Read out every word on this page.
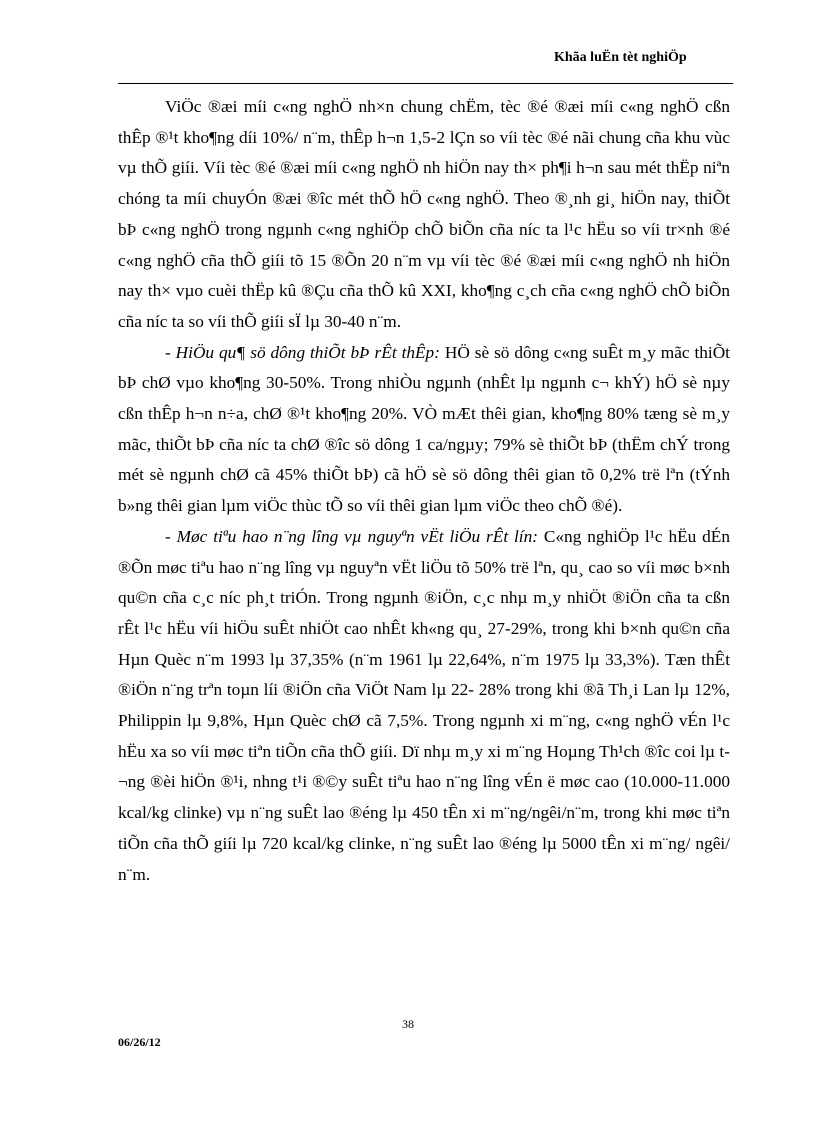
Khãa luËn tèt nghiÖp

ViÖc ®æi míi c«ng nghÖ nh×n chung chËm, tèc ®é ®æi míi c«ng nghÖ cßn thÊp ®¹t kho¶ng díi 10%/ n¨m, thÊp h¬n 1,5-2 lÇn so víi tèc ®é nãi chung cña khu vùc vµ thÕ giíi. Víi tèc ®é ®æi míi c«ng nghÖ nh hiÖn nay th× ph¶i h¬n sau mét thËp niªn chóng ta míi chuyÓn ®æi ®îc mét thÕ hÖ c«ng nghÖ. Theo ®¸nh gi¸ hiÖn nay, thiÕt bÞ c«ng nghÖ trong ngµnh c«ng nghiÖp chÕ biÕn cña níc ta l¹c hËu so víi tr×nh ®é c«ng nghÖ cña thÕ giíi tõ 15 ®Õn 20 n¨m vµ víi tèc ®é ®æi míi c«ng nghÖ nh hiÖn nay th× vµo cuèi thËp kû ®Çu cña thÕ kû XXI, kho¶ng c¸ch cña c«ng nghÖ chÕ biÕn cña níc ta so víi thÕ giíi sÏ lµ 30-40 n¨m.

- HiÖu qu¶ sö dông thiÕt bÞ rÊt thÊp: HÖ sè sö dông c«ng suÊt m¸y mãc thiÕt bÞ chØ vµo kho¶ng 30-50%. Trong nhiÒu ngµnh (nhÊt lµ ngµnh c¬ khÝ) hÖ sè nµy cßn thÊp h¬n n÷a, chØ ®¹t kho¶ng 20%. VÒ mÆt thêi gian, kho¶ng 80% tæng sè m¸y mãc, thiÕt bÞ cña níc ta chØ ®îc sö dông 1 ca/ngµy; 79% sè thiÕt bÞ (thËm chÝ trong mét sè ngµnh chØ cã 45% thiÕt bÞ) cã hÖ sè sö dông thêi gian tõ 0,2% trë lªn (tÝnh b»ng thêi gian lµm viÖc thùc tÕ so víi thêi gian lµm viÖc theo chÕ ®é).

- Møc tiªu hao n¨ng lîng vµ nguyªn vËt liÖu rÊt lín: C«ng nghiÖp l¹c hËu dÉn ®Õn møc tiªu hao n¨ng lîng vµ nguyªn vËt liÖu tõ 50% trë lªn, qu¸ cao so víi møc b×nh qu©n cña c¸c níc ph¸t triÓn. Trong ngµnh ®iÖn, c¸c nhµ m¸y nhiÖt ®iÖn cña ta cßn rÊt l¹c hËu víi hiÖu suÊt nhiÖt cao nhÊt kh«ng qu¸ 27-29%, trong khi b×nh qu©n cña Hµn Quèc n¨m 1993 lµ 37,35% (n¨m 1961 lµ 22,64%, n¨m 1975 lµ 33,3%). Tæn thÊt ®iÖn n¨ng trªn toµn líi ®iÖn cña ViÖt Nam lµ 22- 28% trong khi ®ã Th¸i Lan lµ 12%, Philippin lµ 9,8%, Hµn Quèc chØ cã 7,5%. Trong ngµnh xi m¨ng, c«ng nghÖ vÉn l¹c hËu xa so víi møc tiªn tiÕn cña thÕ giíi. Dï nhµ m¸y xi m¨ng Hoµng Th¹ch ®îc coi lµ t¬ng ®èi hiÖn ®¹i, nhng t¹i ®©y suÊt tiªu hao n¨ng lîng vÉn ë møc cao (10.000-11.000 kcal/kg clinke) vµ n¨ng suÊt lao ®éng lµ 450 tÊn xi m¨ng/ngêi/n¨m, trong khi møc tiªn tiÕn cña thÕ giíi lµ 720 kcal/kg clinke, n¨ng suÊt lao ®éng lµ 5000 tÊn xi m¨ng/ ngêi/ n¨m.

38
06/26/12
